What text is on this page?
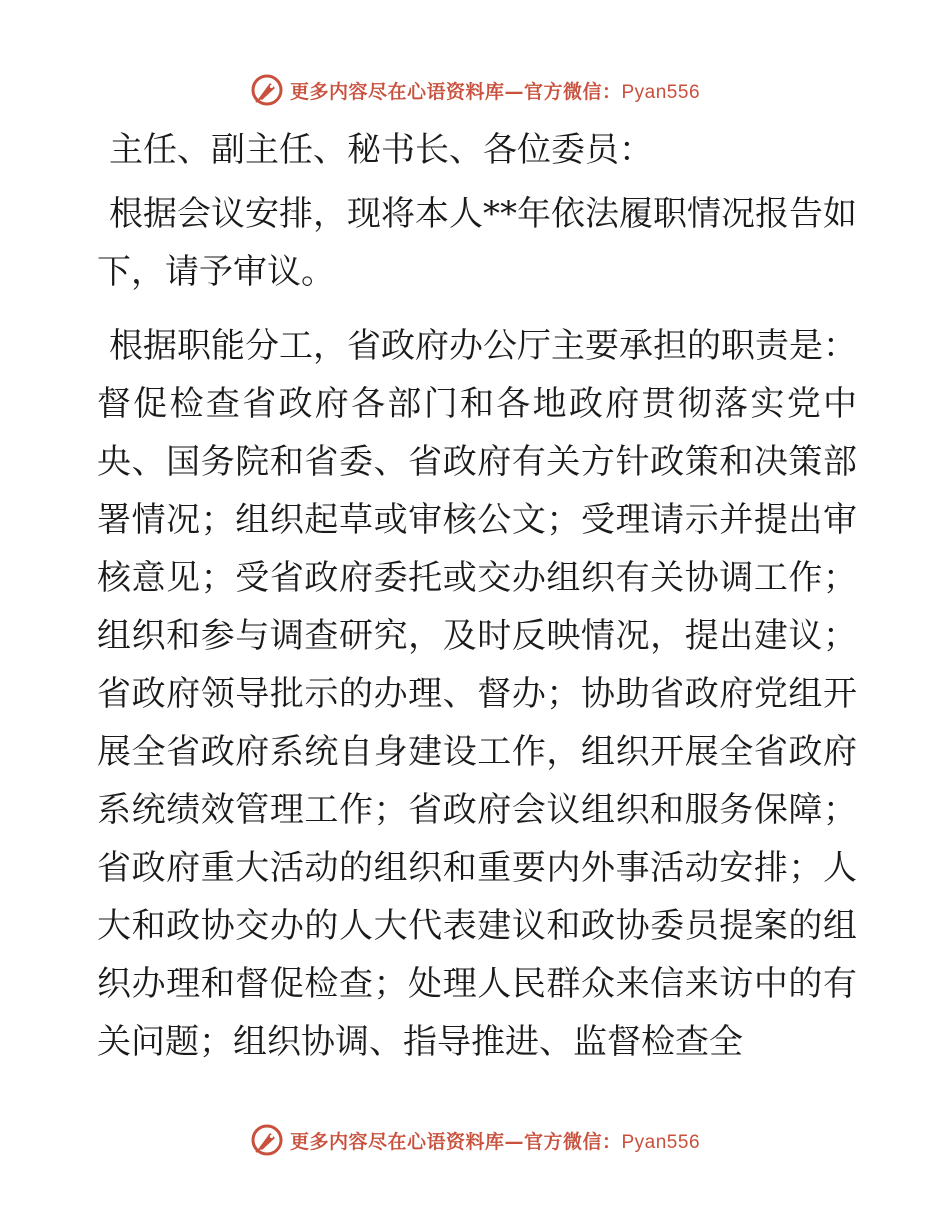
更多内容尽在心语资料库—官方微信：Pyan556

主任、副主任、秘书长、各位委员：

根据会议安排，现将本人**年依法履职情况报告如下，请予审议。

根据职能分工，省政府办公厅主要承担的职责是：督促检查省政府各部门和各地政府贯彻落实党中央、国务院和省委、省政府有关方针政策和决策部署情况；组织起草或审核公文；受理请示并提出审核意见；受省政府委托或交办组织有关协调工作；组织和参与调查研究，及时反映情况，提出建议；省政府领导批示的办理、督办；协助省政府党组开展全省政府系统自身建设工作，组织开展全省政府系统绩效管理工作；省政府会议组织和服务保障；省政府重大活动的组织和重要内外事活动安排；人大和政协交办的人大代表建议和政协委员提案的组织办理和督促检查；处理人民群众来信来访中的有关问题；组织协调、指导推进、监督检查全

更多内容尽在心语资料库—官方微信：Pyan556
